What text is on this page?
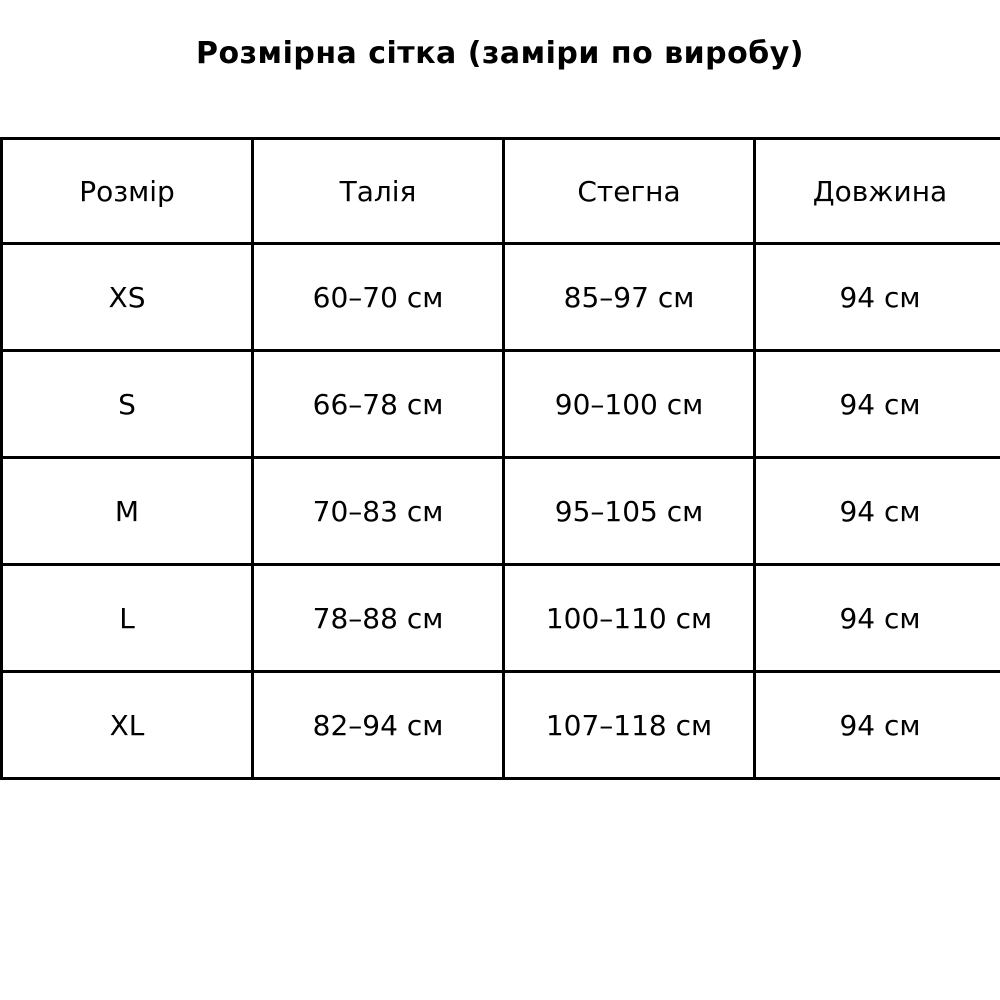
Розмірна сітка (заміри по виробу)
Розмір	Талія	Стегна	Довжина
XS	60–70 см	85–97 см	94 см
S	66–78 см	90–100 см	94 см
M	70–83 см	95–105 см	94 см
L	78–88 см	100–110 см	94 см
XL	82–94 см	107–118 см	94 см
